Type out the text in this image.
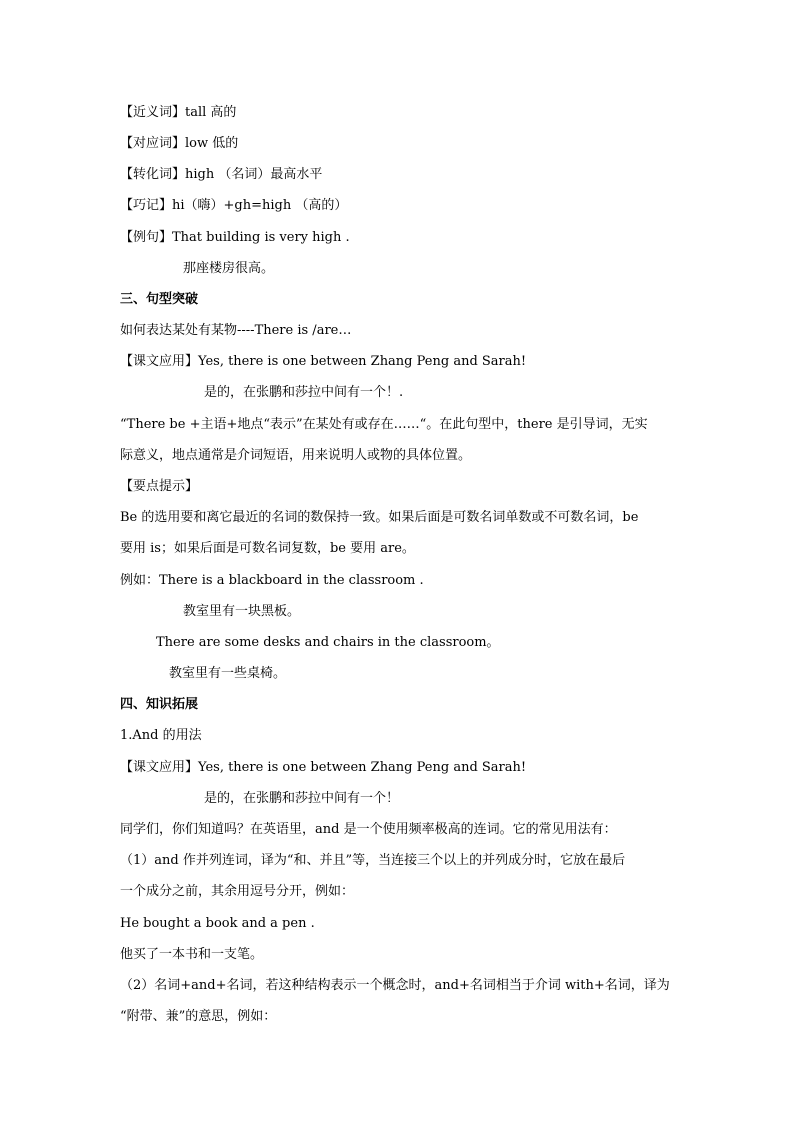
【近义词】tall 高的
【对应词】low 低的
【转化词】high （名词）最高水平
【巧记】hi（嗨）+gh=high （高的）
【例句】That building is very high .
那座楼房很高。
三、句型突破
如何表达某处有某物----There is /are…
【课文应用】Yes, there is one between Zhang Peng and Sarah!
是的，在张鹏和莎拉中间有一个！.
“There be +主语+地点“表示”在某处有或存在……“。在此句型中，there 是引导词，无实
际意义，地点通常是介词短语，用来说明人或物的具体位置。
【要点提示】
Be 的选用要和离它最近的名词的数保持一致。如果后面是可数名词单数或不可数名词，be
要用 is；如果后面是可数名词复数，be 要用 are。
例如：There is a blackboard in the classroom .
教室里有一块黑板。
There are some desks and chairs in the classroom。
教室里有一些桌椅。
四、知识拓展
1.And 的用法
【课文应用】Yes, there is one between Zhang Peng and Sarah!
是的，在张鹏和莎拉中间有一个！
同学们，你们知道吗？在英语里，and 是一个使用频率极高的连词。它的常见用法有：
（1）and 作并列连词，译为“和、并且”等，当连接三个以上的并列成分时，它放在最后
一个成分之前，其余用逗号分开，例如：
He bought a book and a pen .
他买了一本书和一支笔。
（2）名词+and+名词，若这种结构表示一个概念时，and+名词相当于介词 with+名词，译为
“附带、兼”的意思，例如：
